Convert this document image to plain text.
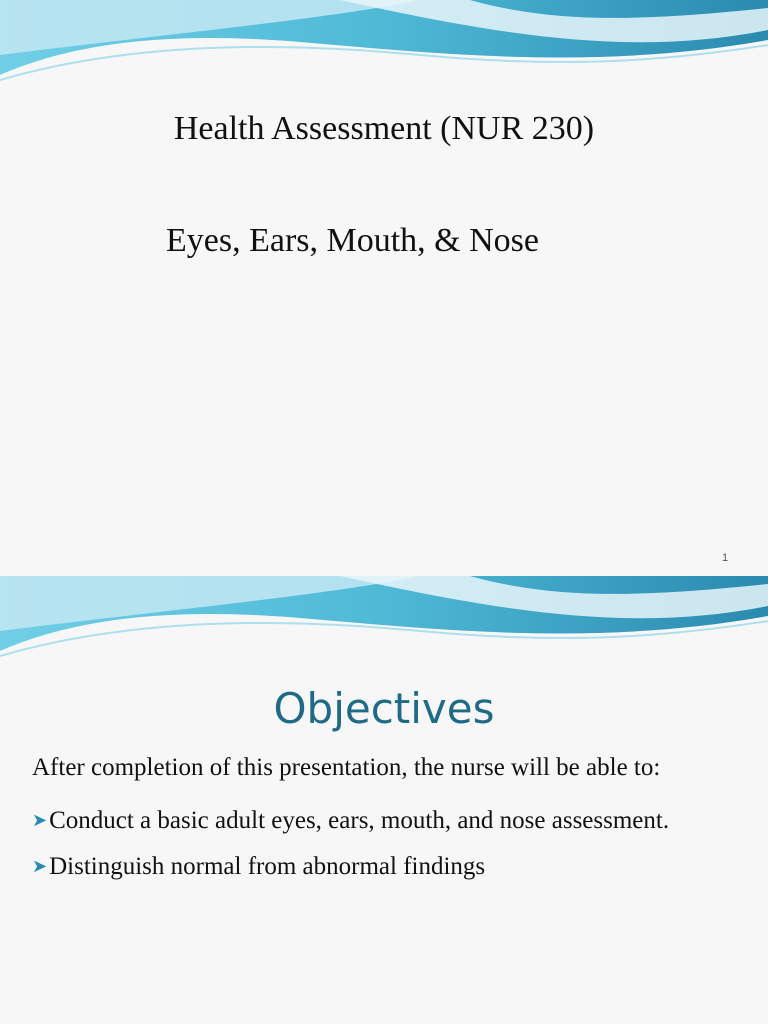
Health Assessment (NUR 230)
Eyes, Ears, Mouth, & Nose
1
Objectives
After completion of this presentation, the nurse will be able to:
➤Conduct a basic adult eyes, ears, mouth, and nose assessment.
➤Distinguish normal from abnormal findings
